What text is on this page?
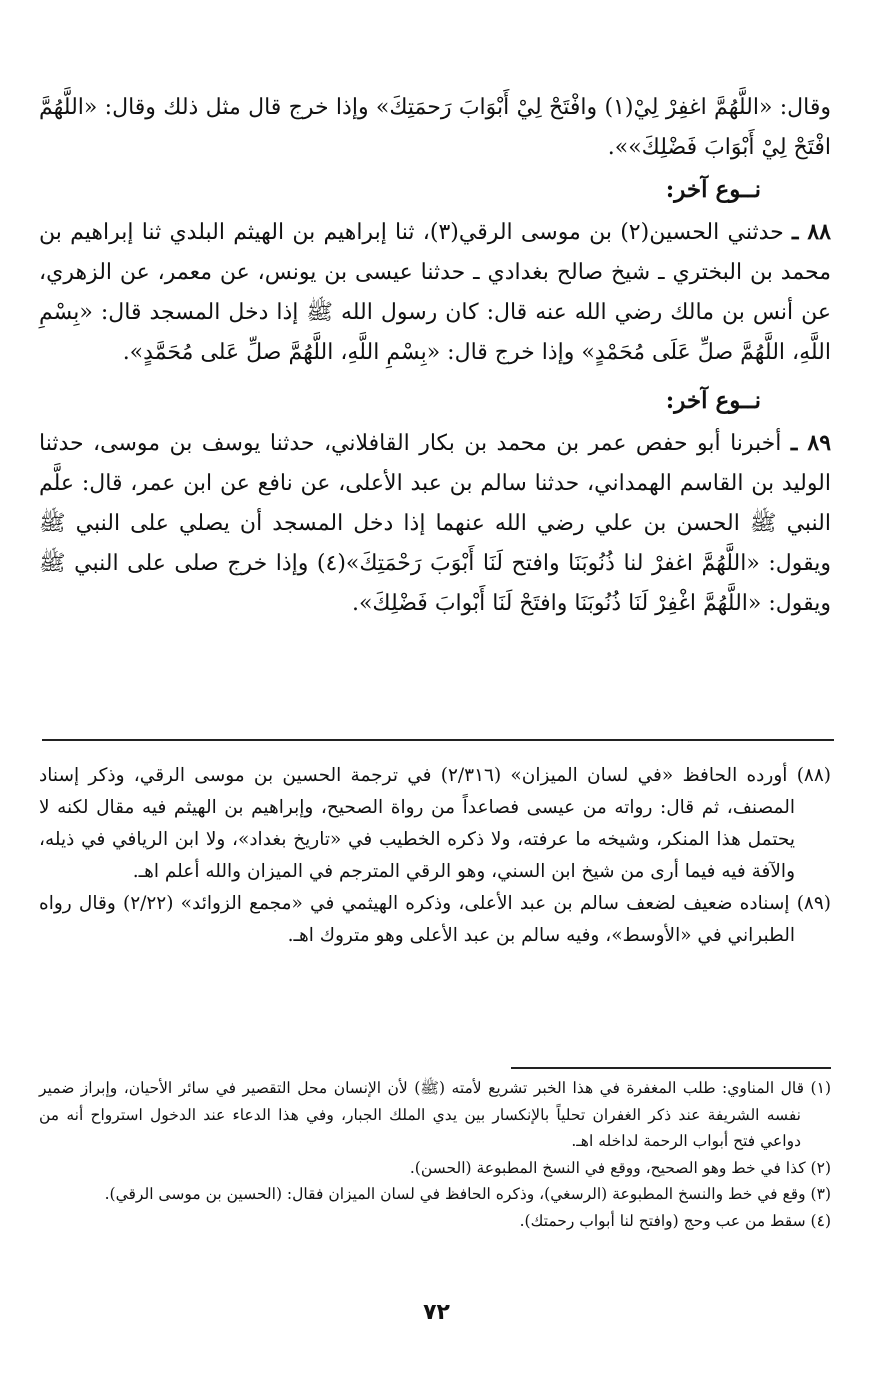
وقال: «اللَّهُمَّ اغفِرْ لِيْ(١) وافْتَحْ لِيْ أَبْوَابَ رَحمَتِكَ» وإذا خرج قال مثل ذلك وقال: «اللَّهُمَّ افْتَحْ لِيْ أَبْوَابَ فَضْلِكَ»».

نــوع آخر:

٨٨ ـ حدثني الحسين(٢) بن موسى الرقي(٣)، ثنا إبراهيم بن الهيثم البلدي ثنا إبراهيم بن محمد بن البختري ـ شيخ صالح بغدادي ـ حدثنا عيسى بن يونس، عن معمر، عن الزهري، عن أنس بن مالك رضي الله عنه قال: كان رسول الله ﷺ إذا دخل المسجد قال: «بِسْمِ اللَّهِ، اللَّهُمَّ صلِّ عَلَى مُحَمْدٍ» وإذا خرج قال: «بِسْمِ اللَّهِ، اللَّهُمَّ صلِّ عَلى مُحَمَّدٍ».

نــوع آخر:

٨٩ ـ أخبرنا أبو حفص عمر بن محمد بن بكار القافلاني، حدثنا يوسف بن موسى، حدثنا الوليد بن القاسم الهمداني، حدثنا سالم بن عبد الأعلى، عن نافع عن ابن عمر، قال: علَّم النبي ﷺ الحسن بن علي رضي الله عنهما إذا دخل المسجد أن يصلي على النبي ﷺ ويقول: «اللَّهُمَّ اغفرْ لنا ذُنُوبَنَا وافتح لَنَا أَبْوَبَ رَحْمَتِكَ»(٤) وإذا خرج صلى على النبي ﷺ ويقول: «اللَّهُمَّ اغْفِرْ لَنَا ذُنُوبَنَا وافتَحْ لَنَا أَبْوابَ فَضْلِكَ».

(٨٨) أورده الحافظ «في لسان الميزان» (٢/٣١٦) في ترجمة الحسين بن موسى الرقي، وذكر إسناد المصنف، ثم قال: رواته من عيسى فصاعداً من رواة الصحيح، وإبراهيم بن الهيثم فيه مقال لكنه لا يحتمل هذا المنكر، وشيخه ما عرفته، ولا ذكره الخطيب في «تاريخ بغداد»، ولا ابن الريافي في ذيله، والآفة فيه فيما أرى من شيخ ابن السني، وهو الرقي المترجم في الميزان والله أعلم اهـ.

(٨٩) إسناده ضعيف لضعف سالم بن عبد الأعلى، وذكره الهيثمي في «مجمع الزوائد» (٢/٢٢) وقال رواه الطبراني في «الأوسط»، وفيه سالم بن عبد الأعلى وهو متروك اهـ.

(١) قال المناوي: طلب المغفرة في هذا الخبر تشريع لأمته (ﷺ) لأن الإنسان محل التقصير في سائر الأحيان، وإبراز ضمير نفسه الشريفة عند ذكر الغفران تحلياً بالإنكسار بين يدي الملك الجبار، وفي هذا الدعاء عند الدخول استرواح أنه من دواعي فتح أبواب الرحمة لداخله اهـ.

(٢) كذا في خط وهو الصحيح، ووقع في النسخ المطبوعة (الحسن).

(٣) وقع في خط والنسخ المطبوعة (الرسغي)، وذكره الحافظ في لسان الميزان فقال: (الحسين بن موسى الرقي).

(٤) سقط من عب وحج (وافتح لنا أبواب رحمتك).

٧٢
